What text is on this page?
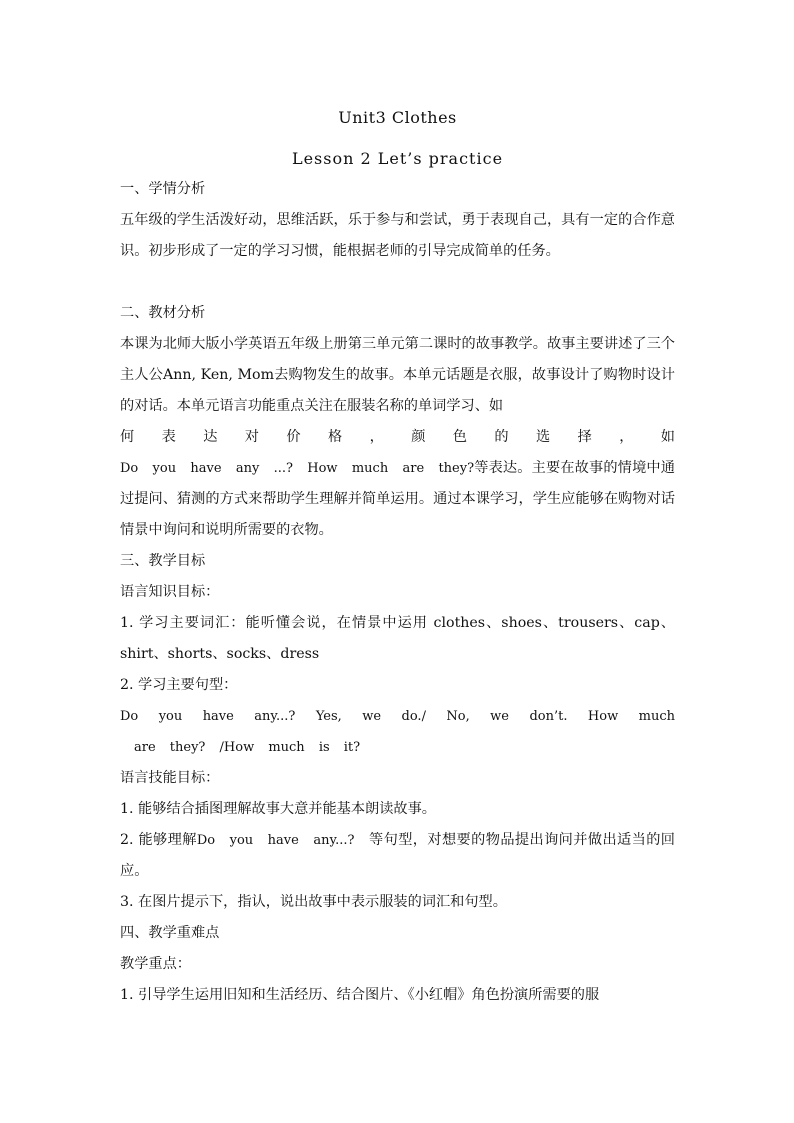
Unit3 Clothes

Lesson 2 Let’s practice

一、学情分析

五年级的学生活泼好动，思维活跃，乐于参与和尝试，勇于表现自己，具有一定的合作意识。初步形成了一定的学习习惯，能根据老师的引导完成简单的任务。

二、教材分析

本课为北师大版小学英语五年级上册第三单元第二课时的故事教学。故事主要讲述了三个主人公Ann, Ken, Mom去购物发生的故事。本单元话题是衣服，故事设计了购物时设计的对话。本单元语言功能重点关注在服装名称的单词学习、如

何 表 达 对 价 格 ， 颜 色 的 选 择 ， 如

Do you have any ...? How much are they?等表达。主要在故事的情境中通过提问、猜测的方式来帮助学生理解并简单运用。通过本课学习，学生应能够在购物对话情景中询问和说明所需要的衣物。

三、教学目标

语言知识目标：

1. 学习主要词汇：能听懂会说，在情景中运用 clothes、shoes、trousers、cap、shirt、shorts、socks、dress

2. 学习主要句型：

Do you have any...? Yes, we do./ No, we don’t. How much

are they? /How much is it?

语言技能目标：

1. 能够结合插图理解故事大意并能基本朗读故事。

2. 能够理解Do you have any...? 等句型，对想要的物品提出询问并做出适当的回应。

3. 在图片提示下，指认，说出故事中表示服装的词汇和句型。

四、教学重难点

教学重点：

1. 引导学生运用旧知和生活经历、结合图片、《小红帽》角色扮演所需要的服
